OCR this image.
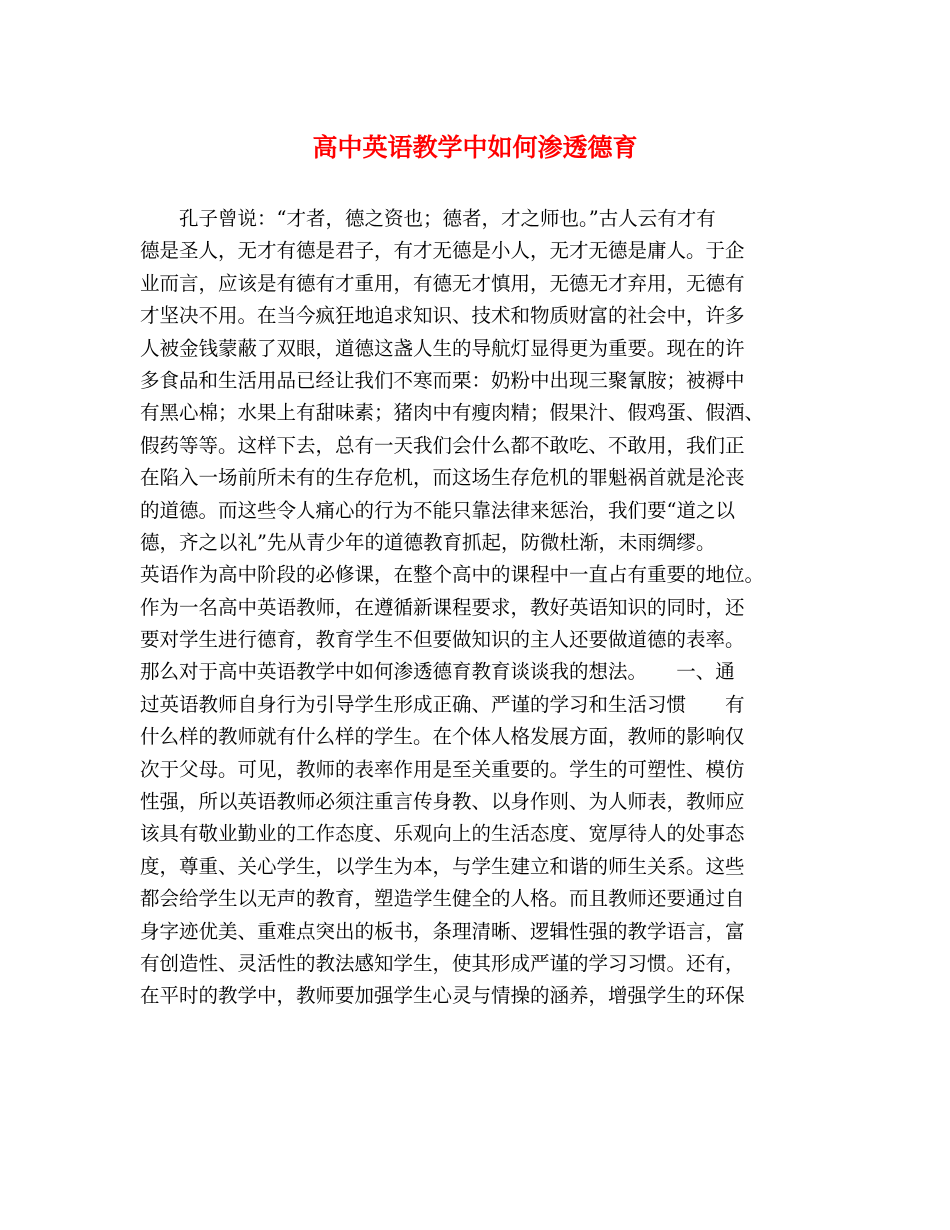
高中英语教学中如何渗透德育
　　孔子曾说：“才者，德之资也；德者，才之师也。”古人云有才有
德是圣人，无才有德是君子，有才无德是小人，无才无德是庸人。于企
业而言，应该是有德有才重用，有德无才慎用，无德无才弃用，无德有
才坚决不用。在当今疯狂地追求知识、技术和物质财富的社会中，许多
人被金钱蒙蔽了双眼，道德这盏人生的导航灯显得更为重要。现在的许
多食品和生活用品已经让我们不寒而栗：奶粉中出现三聚氰胺；被褥中
有黑心棉；水果上有甜味素；猪肉中有瘦肉精；假果汁、假鸡蛋、假酒、
假药等等。这样下去，总有一天我们会什么都不敢吃、不敢用，我们正
在陷入一场前所未有的生存危机，而这场生存危机的罪魁祸首就是沦丧
的道德。而这些令人痛心的行为不能只靠法律来惩治，我们要“道之以
德，齐之以礼”先从青少年的道德教育抓起，防微杜渐，未雨绸缪。
英语作为高中阶段的必修课，在整个高中的课程中一直占有重要的地位。
作为一名高中英语教师，在遵循新课程要求，教好英语知识的同时，还
要对学生进行德育，教育学生不但要做知识的主人还要做道德的表率。
那么对于高中英语教学中如何渗透德育教育谈谈我的想法。　　一、通
过英语教师自身行为引导学生形成正确、严谨的学习和生活习惯　　有
什么样的教师就有什么样的学生。在个体人格发展方面，教师的影响仅
次于父母。可见，教师的表率作用是至关重要的。学生的可塑性、模仿
性强，所以英语教师必须注重言传身教、以身作则、为人师表，教师应
该具有敬业勤业的工作态度、乐观向上的生活态度、宽厚待人的处事态
度，尊重、关心学生，以学生为本，与学生建立和谐的师生关系。这些
都会给学生以无声的教育，塑造学生健全的人格。而且教师还要通过自
身字迹优美、重难点突出的板书，条理清晰、逻辑性强的教学语言，富
有创造性、灵活性的教法感知学生，使其形成严谨的学习习惯。还有，
在平时的教学中，教师要加强学生心灵与情操的涵养，增强学生的环保
